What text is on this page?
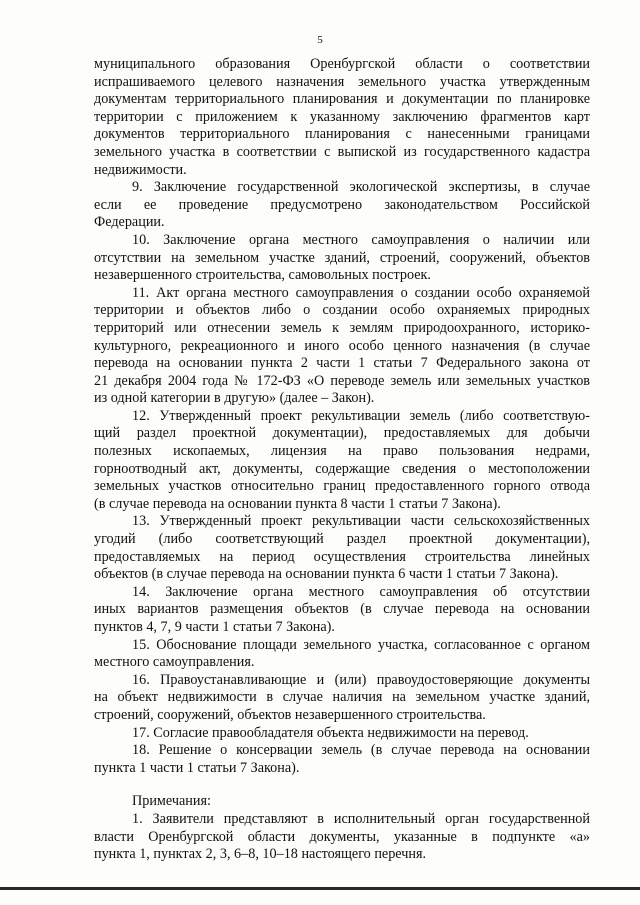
5
муниципального образования Оренбургской области о соответствии
испрашиваемого целевого назначения земельного участка утвержденным
документам территориального планирования и документации по планировке
территории с приложением к указанному заключению фрагментов карт
документов территориального планирования с нанесенными границами
земельного участка в соответствии с выпиской из государственного кадастра
недвижимости.
9. Заключение государственной экологической экспертизы, в случае
если ее проведение предусмотрено законодательством Российской
Федерации.
10. Заключение органа местного самоуправления о наличии или
отсутствии на земельном участке зданий, строений, сооружений, объектов
незавершенного строительства, самовольных построек.
11. Акт органа местного самоуправления о создании особо охраняемой
территории и объектов либо о создании особо охраняемых природных
территорий или отнесении земель к землям природоохранного, историко-
культурного, рекреационного и иного особо ценного назначения (в случае
перевода на основании пункта 2 части 1 статьи 7 Федерального закона от
21 декабря 2004 года № 172-ФЗ «О переводе земель или земельных участков
из одной категории в другую» (далее – Закон).
12. Утвержденный проект рекультивации земель (либо соответствую-
щий раздел проектной документации), предоставляемых для добычи
полезных ископаемых, лицензия на право пользования недрами,
горноотводный акт, документы, содержащие сведения о местоположении
земельных участков относительно границ предоставленного горного отвода
(в случае перевода на основании пункта 8 части 1 статьи 7 Закона).
13. Утвержденный проект рекультивации части сельскохозяйственных
угодий (либо соответствующий раздел проектной документации),
предоставляемых на период осуществления строительства линейных
объектов (в случае перевода на основании пункта 6 части 1 статьи 7 Закона).
14. Заключение органа местного самоуправления об отсутствии
иных вариантов размещения объектов (в случае перевода на основании
пунктов 4, 7, 9 части 1 статьи 7 Закона).
15. Обоснование площади земельного участка, согласованное с органом
местного самоуправления.
16. Правоустанавливающие и (или) правоудостоверяющие документы
на объект недвижимости в случае наличия на земельном участке зданий,
строений, сооружений, объектов незавершенного строительства.
17. Согласие правообладателя объекта недвижимости на перевод.
18. Решение о консервации земель (в случае перевода на основании
пункта 1 части 1 статьи 7 Закона).
Примечания:
1. Заявители представляют в исполнительный орган государственной
власти Оренбургской области документы, указанные в подпункте «а»
пункта 1, пунктах 2, 3, 6–8, 10–18 настоящего перечня.
